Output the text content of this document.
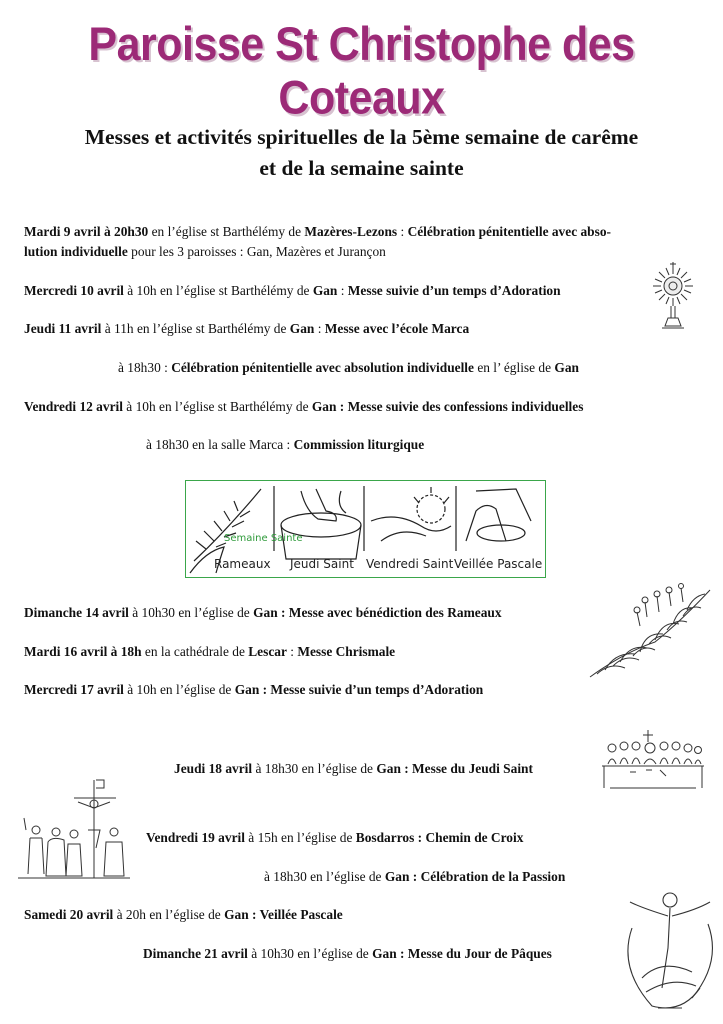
Paroisse St Christophe des Coteaux
Messes et activités spirituelles de la 5ème semaine de carême
et de la semaine sainte
Mardi 9 avril à 20h30 en l’église st Barthélémy de Mazères-Lezons : Célébration pénitentielle avec abso-
lution individuelle pour les 3 paroisses : Gan, Mazères et Jurançon
Mercredi 10 avril à 10h en l’église st Barthélémy de Gan : Messe suivie d’un temps d’Adoration
Jeudi 11 avril à 11h en l’église st Barthélémy de Gan : Messe avec l’école Marca
à 18h30 : Célébration pénitentielle avec absolution individuelle en l’ église de Gan
Vendredi 12 avril à 10h en l’église st Barthélémy de Gan : Messe suivie des confessions individuelles
à 18h30 en la salle Marca : Commission liturgique
Dimanche 14 avril à 10h30 en l’église de Gan : Messe avec bénédiction des Rameaux
Mardi 16 avril à 18h en la cathédrale de Lescar : Messe Chrismale
Mercredi 17 avril à 10h en l’église de Gan : Messe suivie d’un temps d’Adoration
Jeudi 18 avril à 18h30 en l’église de Gan : Messe du Jeudi Saint
Vendredi 19 avril à 15h en l’église de Bosdarros : Chemin de Croix
à 18h30 en l’église de Gan : Célébration de la Passion
Samedi 20 avril à 20h en l’église de Gan : Veillée Pascale
Dimanche 21 avril à 10h30 en l’église de Gan : Messe du Jour de Pâques
Semaine Sainte
Rameaux Jeudi Saint Vendredi Saint Veillée Pascale
